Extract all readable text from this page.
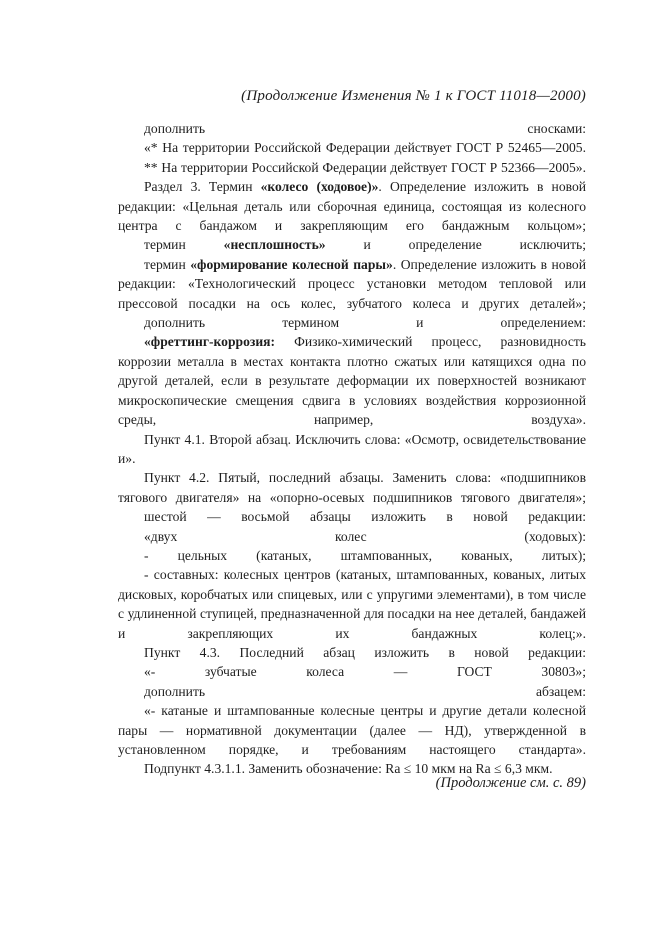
(Продолжение Изменения № 1 к ГОСТ 11018—2000)

дополнить сносками:

«* На территории Российской Федерации действует ГОСТ Р 52465—2005.

** На территории Российской Федерации действует ГОСТ Р 52366—2005».

Раздел 3. Термин «колесо (ходовое)». Определение изложить в новой редакции: «Цельная деталь или сборочная единица, состоящая из колесного центра с бандажом и закрепляющим его бандажным кольцом»;

термин «несплошность» и определение исключить;

термин «формирование колесной пары». Определение изложить в новой редакции: «Технологический процесс установки методом тепловой или прессовой посадки на ось колес, зубчатого колеса и других деталей»;

дополнить термином и определением:

«фреттинг-коррозия: Физико-химический процесс, разновидность коррозии металла в местах контакта плотно сжатых или катящихся одна по другой деталей, если в результате деформации их поверхностей возникают микроскопические смещения сдвига в условиях воздействия коррозионной среды, например, воздуха».

Пункт 4.1. Второй абзац. Исключить слова: «Осмотр, освидетельствование и».

Пункт 4.2. Пятый, последний абзацы. Заменить слова: «подшипников тягового двигателя» на «опорно-осевых подшипников тягового двигателя»;

шестой — восьмой абзацы изложить в новой редакции:

«двух колес (ходовых):

- цельных (катаных, штампованных, кованых, литых);

- составных: колесных центров (катаных, штампованных, кованых, литых дисковых, коробчатых или спицевых, или с упругими элементами), в том числе с удлиненной ступицей, предназначенной для посадки на нее деталей, бандажей и закрепляющих их бандажных колец;».

Пункт 4.3. Последний абзац изложить в новой редакции:

«- зубчатые колеса — ГОСТ 30803»;

дополнить абзацем:

«- катаные и штампованные колесные центры и другие детали колесной пары — нормативной документации (далее — НД), утвержденной в установленном порядке, и требованиям настоящего стандарта».

Подпункт 4.3.1.1. Заменить обозначение: Ra ≤ 10 мкм на Ra ≤ 6,3 мкм.

(Продолжение см. с. 89)
